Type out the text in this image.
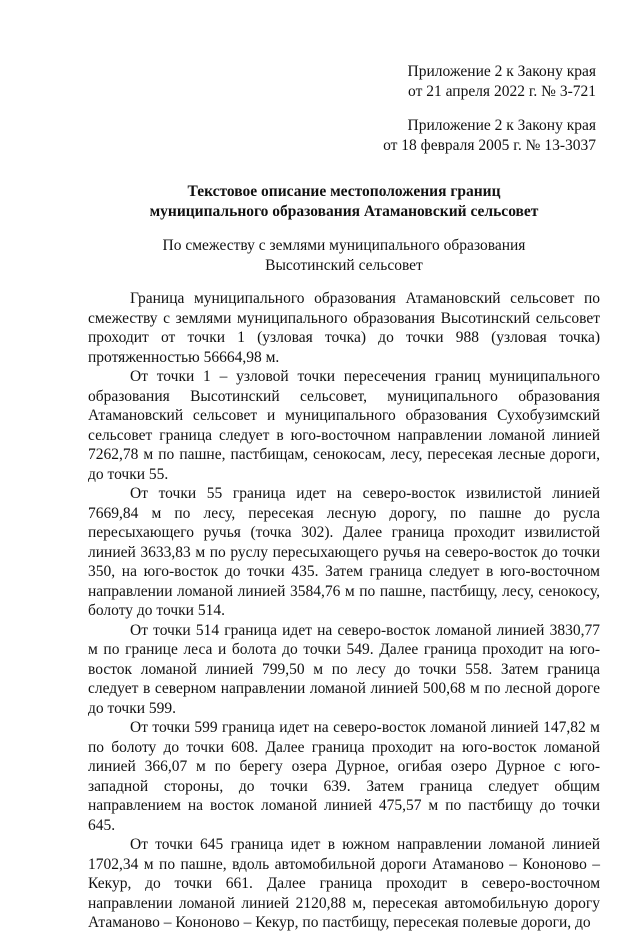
Приложение 2 к Закону края
от 21 апреля 2022 г. № 3-721
Приложение 2 к Закону края
от 18 февраля 2005 г. № 13-3037
Текстовое описание местоположения границ
муниципального образования Атамановский сельсовет
По смежеству с землями муниципального образования
Высотинский сельсовет

Граница муниципального образования Атамановский сельсовет по смежеству с землями муниципального образования Высотинский сельсовет проходит от точки 1 (узловая точка) до точки 988 (узловая точка) протяженностью 56664,98 м.

От точки 1 – узловой точки пересечения границ муниципального образования Высотинский сельсовет, муниципального образования Атамановский сельсовет и муниципального образования Сухобузимский сельсовет граница следует в юго-восточном направлении ломаной линией 7262,78 м по пашне, пастбищам, сенокосам, лесу, пересекая лесные дороги, до точки 55.

От точки 55 граница идет на северо-восток извилистой линией 7669,84 м по лесу, пересекая лесную дорогу, по пашне до русла пересыхающего ручья (точка 302). Далее граница проходит извилистой линией 3633,83 м по руслу пересыхающего ручья на северо-восток до точки 350, на юго-восток до точки 435. Затем граница следует в юго-восточном направлении ломаной линией 3584,76 м по пашне, пастбищу, лесу, сенокосу, болоту до точки 514.

От точки 514 граница идет на северо-восток ломаной линией 3830,77 м по границе леса и болота до точки 549. Далее граница проходит на юго-восток ломаной линией 799,50 м по лесу до точки 558. Затем граница следует в северном направлении ломаной линией 500,68 м по лесной дороге до точки 599.

От точки 599 граница идет на северо-восток ломаной линией 147,82 м по болоту до точки 608. Далее граница проходит на юго-восток ломаной линией 366,07 м по берегу озера Дурное, огибая озеро Дурное с юго-западной стороны, до точки 639. Затем граница следует общим направлением на восток ломаной линией 475,57 м по пастбищу до точки 645.

От точки 645 граница идет в южном направлении ломаной линией 1702,34 м по пашне, вдоль автомобильной дороги Атаманово – Кононово – Кекур, до точки 661. Далее граница проходит в северо-восточном направлении ломаной линией 2120,88 м, пересекая автомобильную дорогу Атаманово – Кононово – Кекур, по пастбищу, пересекая полевые дороги, до
